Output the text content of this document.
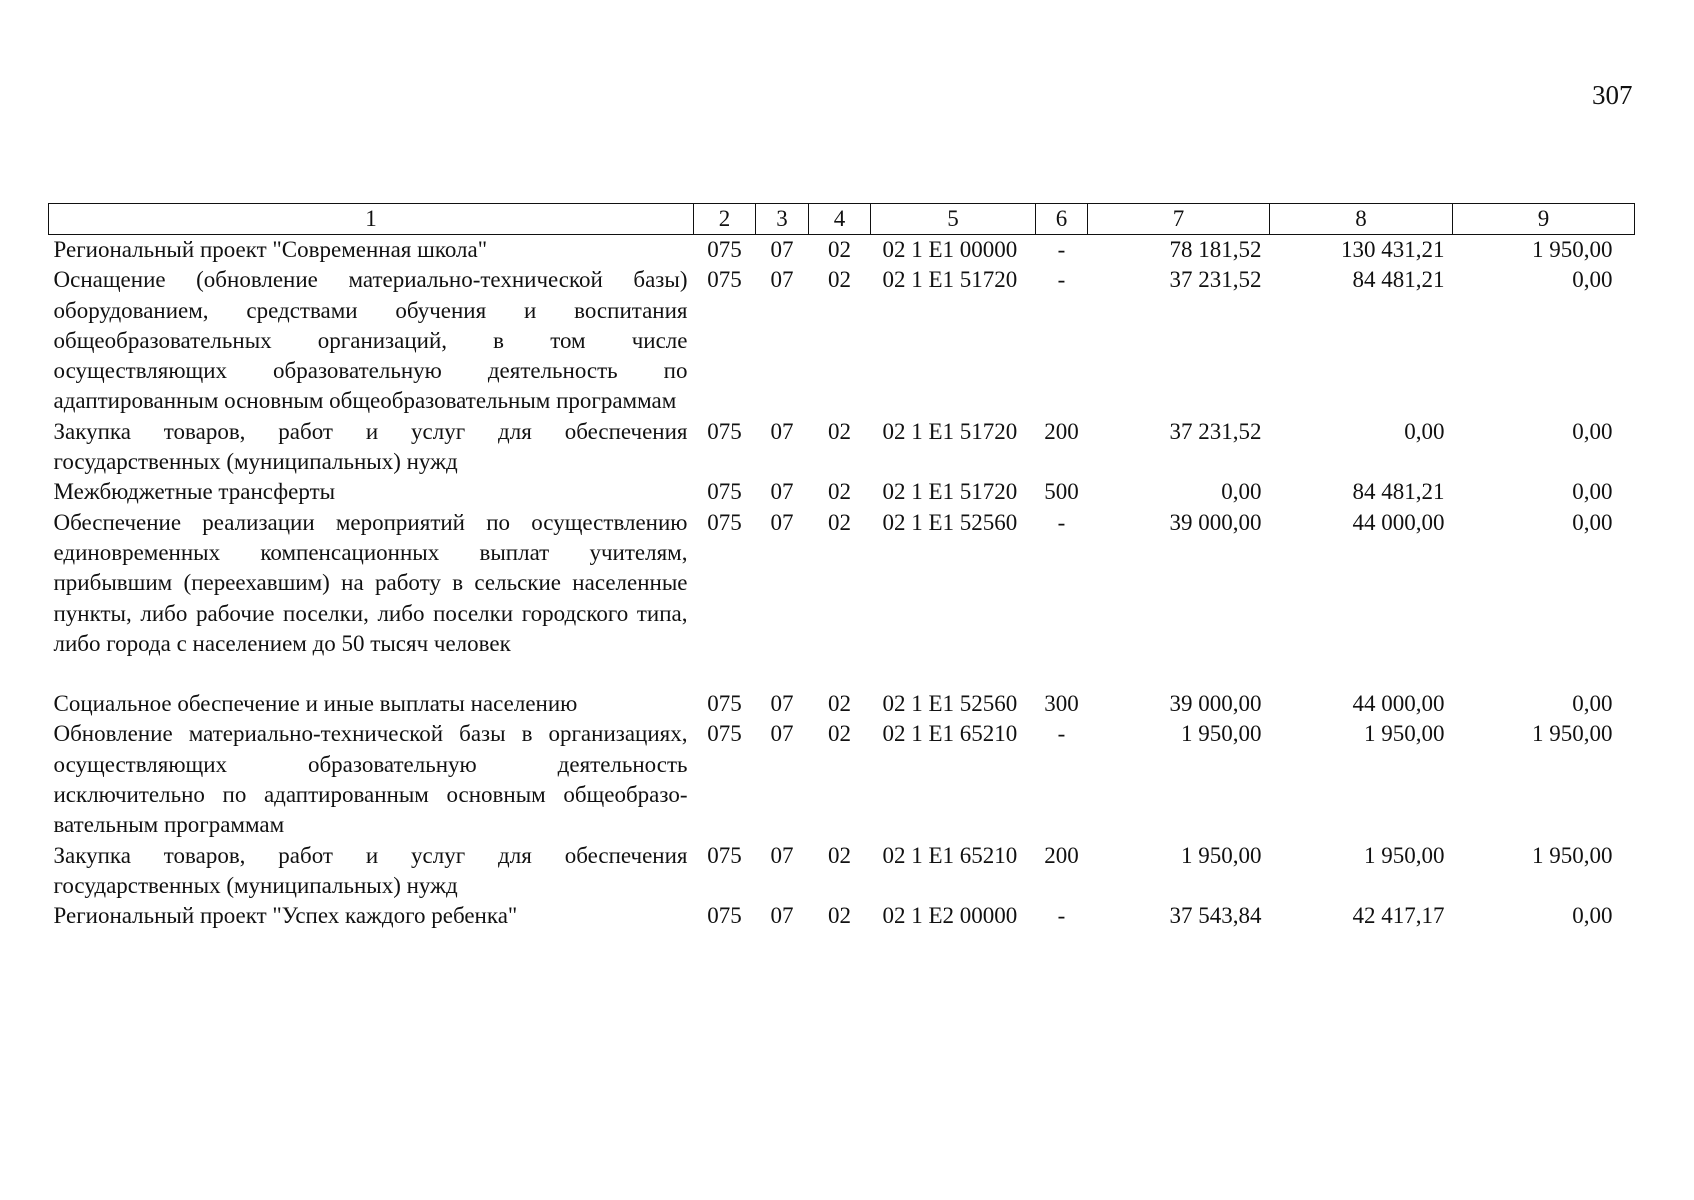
307
1	2	3	4	5	6	7	8	9
Региональный проект "Современная школа"	075	07	02	02 1 E1 00000	-	78 181,52	130 431,21	1 950,00
Оснащение (обновление материально-технической базы) оборудованием, средствами обучения и воспитания общеобразовательных организаций, в том числе осуществляющих образовательную деятельность по адаптированным основным общеобразовательным программам	075	07	02	02 1 E1 51720	-	37 231,52	84 481,21	0,00
Закупка товаров, работ и услуг для обеспечения государственных (муниципальных) нужд	075	07	02	02 1 E1 51720	200	37 231,52	0,00	0,00
Межбюджетные трансферты	075	07	02	02 1 E1 51720	500	0,00	84 481,21	0,00
Обеспечение реализации мероприятий по осуществлению единовременных компенсационных выплат учителям, прибывшим (переехавшим) на работу в сельские населенные пункты, либо рабочие поселки, либо поселки городского типа, либо города с населением до 50 тысяч человек	075	07	02	02 1 E1 52560	-	39 000,00	44 000,00	0,00

Социальное обеспечение и иные выплаты населению	075	07	02	02 1 E1 52560	300	39 000,00	44 000,00	0,00
Обновление материально-технической базы в организациях, осуществляющих образовательную деятельность исключительно по адаптированным основным общеобразо-вательным программам	075	07	02	02 1 E1 65210	-	1 950,00	1 950,00	1 950,00
Закупка товаров, работ и услуг для обеспечения государственных (муниципальных) нужд	075	07	02	02 1 E1 65210	200	1 950,00	1 950,00	1 950,00
Региональный проект "Успех каждого ребенка"	075	07	02	02 1 E2 00000	-	37 543,84	42 417,17	0,00
